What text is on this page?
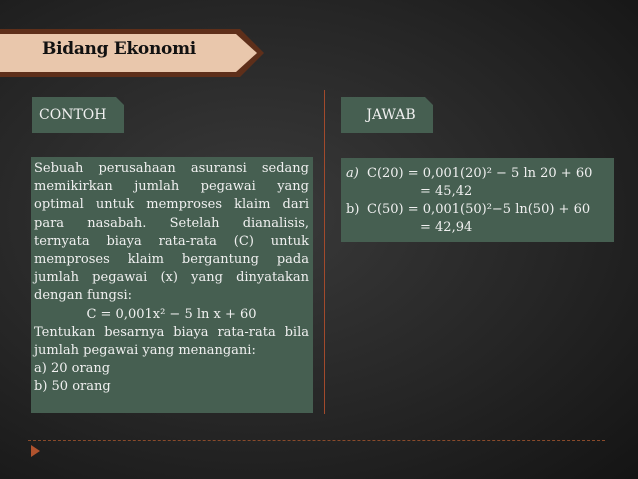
Bidang Ekonomi
CONTOH	JAWAB

Sebuah perusahaan asuransi sedang memikirkan jumlah pegawai yang optimal untuk memproses klaim dari para nasabah. Setelah dianalisis, ternyata biaya rata-rata (C) untuk memproses klaim bergantung pada jumlah pegawai (x) yang dinyatakan dengan fungsi:

C = 0,001x² − 5 ln x + 60

Tentukan besarnya biaya rata-rata bila jumlah pegawai yang menangani:

a) 20 orang

b) 50 orang

a) C(20) = 0,001(20)² − 5 ln 20 + 60
= 45,42
b) C(50) = 0,001(50)²−5 ln(50) + 60
= 42,94
